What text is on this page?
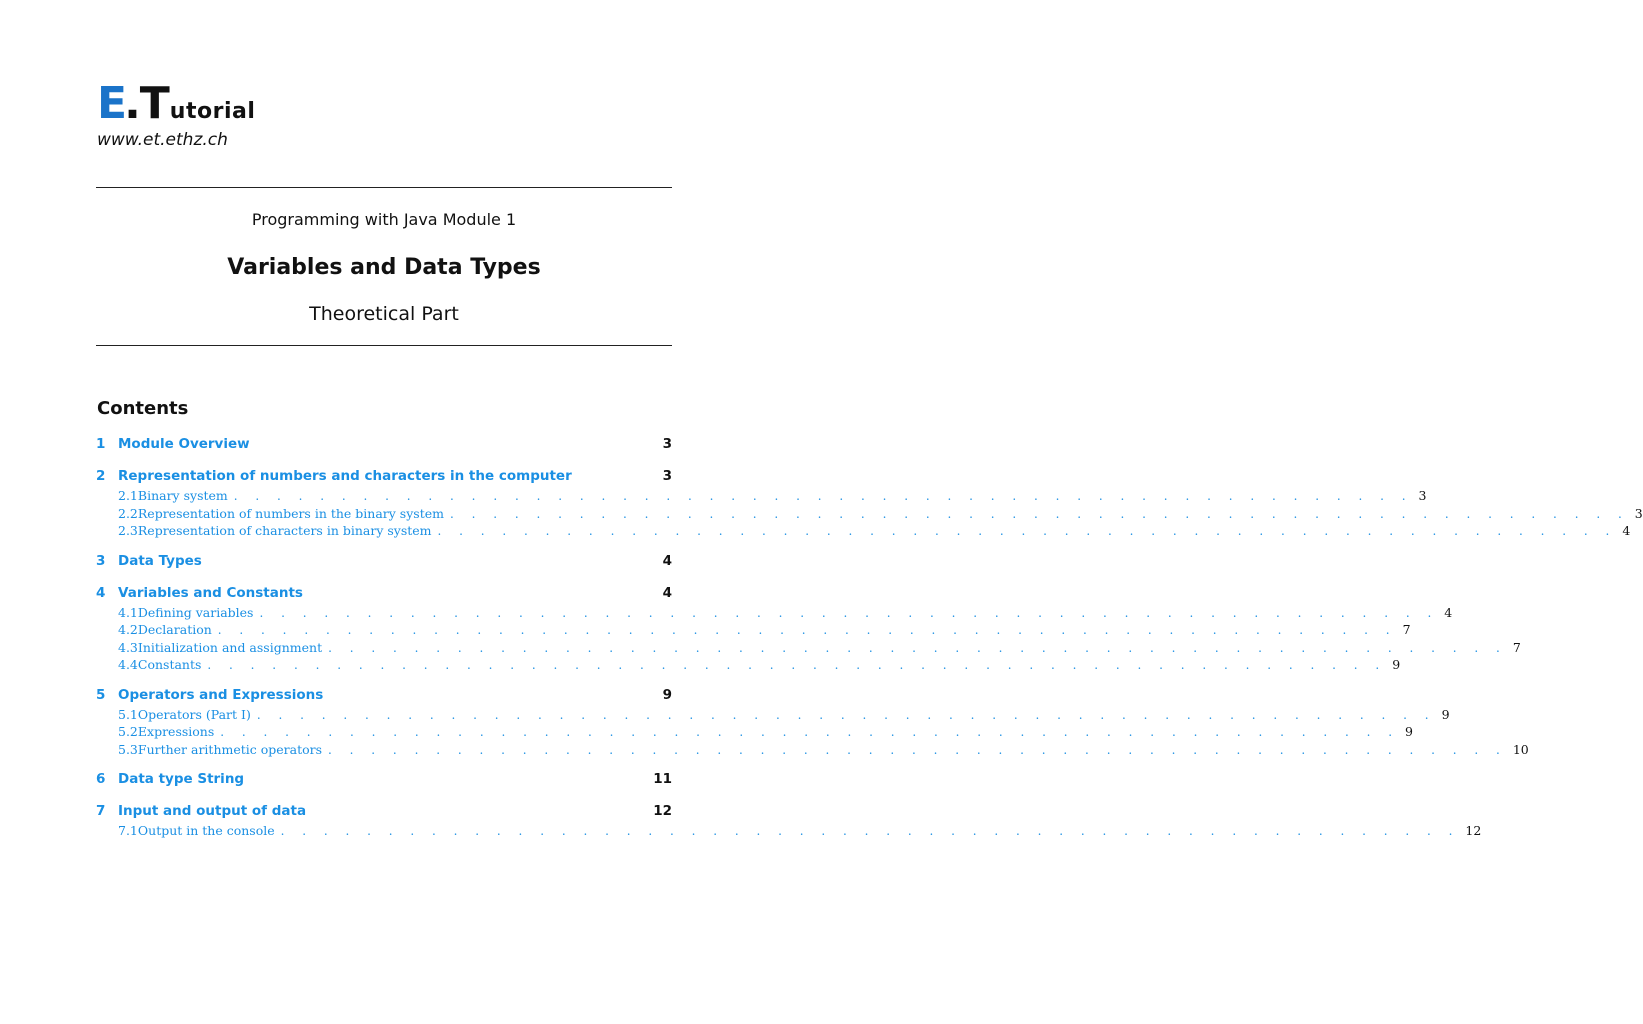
E
. T utorial
www.et.ethz.ch
Programming with Java Module 1
Variables and Data Types
Theoretical Part
Contents
1 Module Overview	3
2 Representation of numbers and characters in the computer	3
2.1 Binary system . . . . . . . . . . . . . . . . . . . . . . . . . . . . . . . . . . . . . . . . . . . . . . . . . . . . . . . 3
2.2 Representation of numbers in the binary system . . . . . . . . . . . . . . . . . . . . . . . . . . . . . . . . . . . . . . . . . . . . . . . . . . . . . . . 3
2.3 Representation of characters in binary system . . . . . . . . . . . . . . . . . . . . . . . . . . . . . . . . . . . . . . . . . . . . . . . . . . . . . . . 4
3 Data Types	4
4 Variables and Constants	4
4.1 Defining variables . . . . . . . . . . . . . . . . . . . . . . . . . . . . . . . . . . . . . . . . . . . . . . . . . . . . . . . 4
4.2 Declaration . . . . . . . . . . . . . . . . . . . . . . . . . . . . . . . . . . . . . . . . . . . . . . . . . . . . . . . 7
4.3 Initialization and assignment . . . . . . . . . . . . . . . . . . . . . . . . . . . . . . . . . . . . . . . . . . . . . . . . . . . . . . . 7
4.4 Constants . . . . . . . . . . . . . . . . . . . . . . . . . . . . . . . . . . . . . . . . . . . . . . . . . . . . . . . 9
5 Operators and Expressions	9
5.1 Operators (Part I) . . . . . . . . . . . . . . . . . . . . . . . . . . . . . . . . . . . . . . . . . . . . . . . . . . . . . . . 9
5.2 Expressions . . . . . . . . . . . . . . . . . . . . . . . . . . . . . . . . . . . . . . . . . . . . . . . . . . . . . . . 9
5.3 Further arithmetic operators . . . . . . . . . . . . . . . . . . . . . . . . . . . . . . . . . . . . . . . . . . . . . . . . . . . . . . . 10
6 Data type String	11
7 Input and output of data	12
7.1 Output in the console . . . . . . . . . . . . . . . . . . . . . . . . . . . . . . . . . . . . . . . . . . . . . . . . . . . . . . . 12
